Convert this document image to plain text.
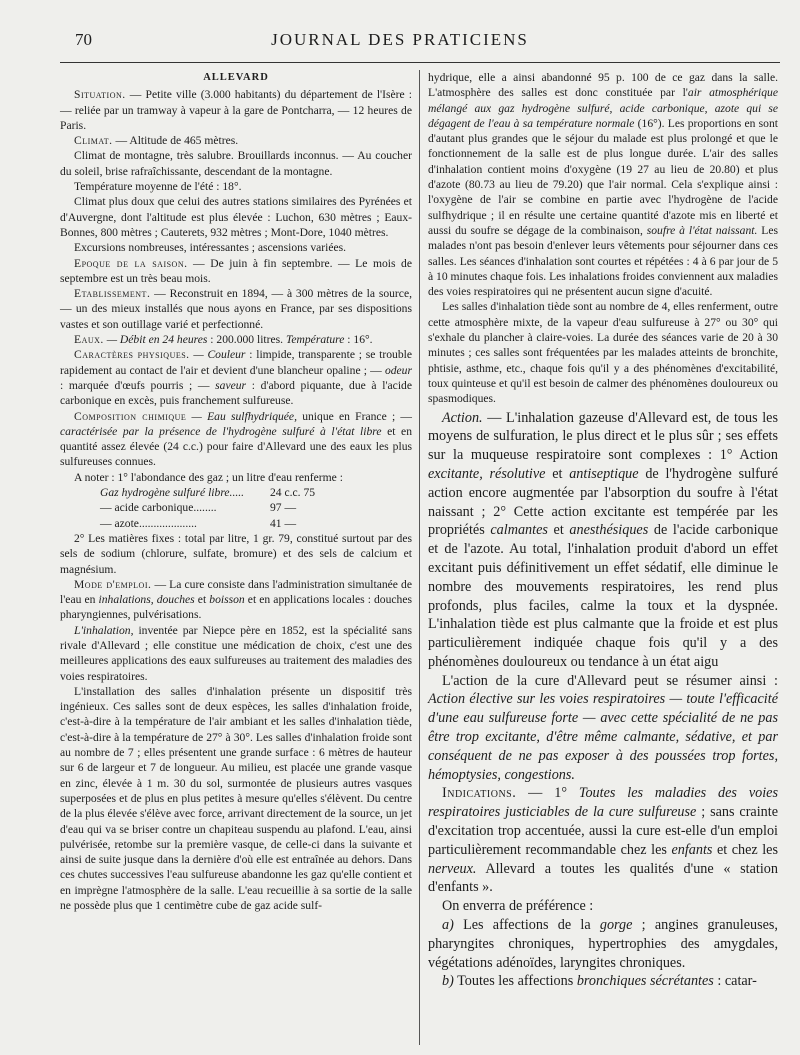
70	JOURNAL DES PRATICIENS

ALLEVARD

Situation. — Petite ville (3.000 habitants) du département de l'Isère : — reliée par un tramway à vapeur à la gare de Pontcharra, — 12 heures de Paris.

Climat. — Altitude de 465 mètres.

Climat de montagne, très salubre. Brouillards inconnus. — Au coucher du soleil, brise rafraîchissante, descendant de la montagne.

Température moyenne de l'été : 18°.

Climat plus doux que celui des autres stations similaires des Pyrénées et d'Auvergne, dont l'altitude est plus élevée : Luchon, 630 mètres ; Eaux-Bonnes, 800 mètres ; Cauterets, 932 mètres ; Mont-Dore, 1040 mètres.

Excursions nombreuses, intéressantes ; ascensions variées.

Epoque de la saison. — De juin à fin septembre. — Le mois de septembre est un très beau mois.

Etablissement. — Reconstruit en 1894, — à 300 mètres de la source, — un des mieux installés que nous ayons en France, par ses dispositions vastes et son outillage varié et perfectionné.

Eaux. — Débit en 24 heures : 200.000 litres. Température : 16°.

Caractères physiques. — Couleur : limpide, transparente ; se trouble rapidement au contact de l'air et devient d'une blancheur opaline ; — odeur : marquée d'œufs pourris ; — saveur : d'abord piquante, due à l'acide carbonique en excès, puis franchement sulfureuse.

Composition chimique — Eau sulfhydriquée, unique en France ; — caractérisée par la présence de l'hydrogène sulfuré à l'état libre et en quantité assez élevée (24 c.c.) pour faire d'Allevard une des eaux les plus sulfureuses connues.

A noter : 1° l'abondance des gaz ; un litre d'eau renferme :

Gaz hydrogène sulfuré libre.....	24 c.c. 75
— acide carbonique........	97 —
— azote....................	41 —

2° Les matières fixes : total par litre, 1 gr. 79, constitué surtout par des sels de sodium (chlorure, sulfate, bromure) et des sels de calcium et magnésium.

Mode d'emploi. — La cure consiste dans l'administration simultanée de l'eau en inhalations, douches et boisson et en applications locales : douches pharyngiennes, pulvérisations.

L'inhalation, inventée par Niepce père en 1852, est la spécialité sans rivale d'Allevard ; elle constitue une médication de choix, c'est une des meilleures applications des eaux sulfureuses au traitement des maladies des voies respiratoires.

L'installation des salles d'inhalation présente un dispositif très ingénieux. Ces salles sont de deux espèces, les salles d'inhalation froide, c'est-à-dire à la température de l'air ambiant et les salles d'inhalation tiède, c'est-à-dire à la température de 27° à 30°. Les salles d'inhalation froide sont au nombre de 7 ; elles présentent une grande surface : 6 mètres de hauteur sur 6 de largeur et 7 de longueur. Au milieu, est placée une grande vasque en zinc, élevée à 1 m. 30 du sol, surmontée de plusieurs autres vasques superposées et de plus en plus petites à mesure qu'elles s'élèvent. Du centre de la plus élevée s'élève avec force, arrivant directement de la source, un jet d'eau qui va se briser contre un chapiteau suspendu au plafond. L'eau, ainsi pulvérisée, retombe sur la première vasque, de celle-ci dans la suivante et ainsi de suite jusque dans la dernière d'où elle est entraînée au dehors. Dans ces chutes successives l'eau sulfureuse abandonne les gaz qu'elle contient et en imprègne l'atmosphère de la salle. L'eau recueillie à sa sortie de la salle ne possède plus que 1 centimètre cube de gaz acide sulf-

hydrique, elle a ainsi abandonné 95 p. 100 de ce gaz dans la salle. L'atmosphère des salles est donc constituée par l'air atmosphérique mélangé aux gaz hydrogène sulfuré, acide carbonique, azote qui se dégagent de l'eau à sa température normale (16°). Les proportions en sont d'autant plus grandes que le séjour du malade est plus prolongé et que le fonctionnement de la salle est de plus longue durée. L'air des salles d'inhalation contient moins d'oxygène (19 27 au lieu de 20.80) et plus d'azote (80.73 au lieu de 79.20) que l'air normal. Cela s'explique ainsi : l'oxygène de l'air se combine en partie avec l'hydrogène de l'acide sulfhydrique ; il en résulte une certaine quantité d'azote mis en liberté et aussi du soufre se dégage de la combinaison, soufre à l'état naissant. Les malades n'ont pas besoin d'enlever leurs vêtements pour séjourner dans ces salles. Les séances d'inhalation sont courtes et répétées : 4 à 6 par jour de 5 à 10 minutes chaque fois. Les inhalations froides conviennent aux maladies des voies respiratoires qui ne présentent aucun signe d'acuité.

Les salles d'inhalation tiède sont au nombre de 4, elles renferment, outre cette atmosphère mixte, de la vapeur d'eau sulfureuse à 27° ou 30° qui s'exhale du plancher à claire-voies. La durée des séances varie de 20 à 30 minutes ; ces salles sont fréquentées par les malades atteints de bronchite, phtisie, asthme, etc., chaque fois qu'il y a des phénomènes d'excitabilité, toux quinteuse et qu'il est besoin de calmer des phénomènes douloureux ou spasmodiques.

Action. — L'inhalation gazeuse d'Allevard est, de tous les moyens de sulfuration, le plus direct et le plus sûr ; ses effets sur la muqueuse respiratoire sont complexes : 1° Action excitante, résolutive et antiseptique de l'hydrogène sulfuré action encore augmentée par l'absorption du soufre à l'état naissant ; 2° Cette action excitante est tempérée par les propriétés calmantes et anesthésiques de l'acide carbonique et de l'azote. Au total, l'inhalation produit d'abord un effet excitant puis définitivement un effet sédatif, elle diminue le nombre des mouvements respiratoires, les rend plus profonds, plus faciles, calme la toux et la dyspnée. L'inhalation tiède est plus calmante que la froide et est plus particulièrement indiquée chaque fois qu'il y a des phénomènes douloureux ou tendance à un état aigu

L'action de la cure d'Allevard peut se résumer ainsi : Action élective sur les voies respiratoires — toute l'efficacité d'une eau sulfureuse forte — avec cette spécialité de ne pas être trop excitante, d'être même calmante, sédative, et par conséquent de ne pas exposer à des poussées trop fortes, hémoptysies, congestions.

Indications. — 1° Toutes les maladies des voies respiratoires justiciables de la cure sulfureuse ; sans crainte d'excitation trop accentuée, aussi la cure est-elle d'un emploi particulièrement recommandable chez les enfants et chez les nerveux. Allevard a toutes les qualités d'une « station d'enfants ».

On enverra de préférence :

a) Les affections de la gorge ; angines granuleuses, pharyngites chroniques, hypertrophies des amygdales, végétations adénoïdes, laryngites chroniques.

b) Toutes les affections bronchiques sécrétantes : catar-
